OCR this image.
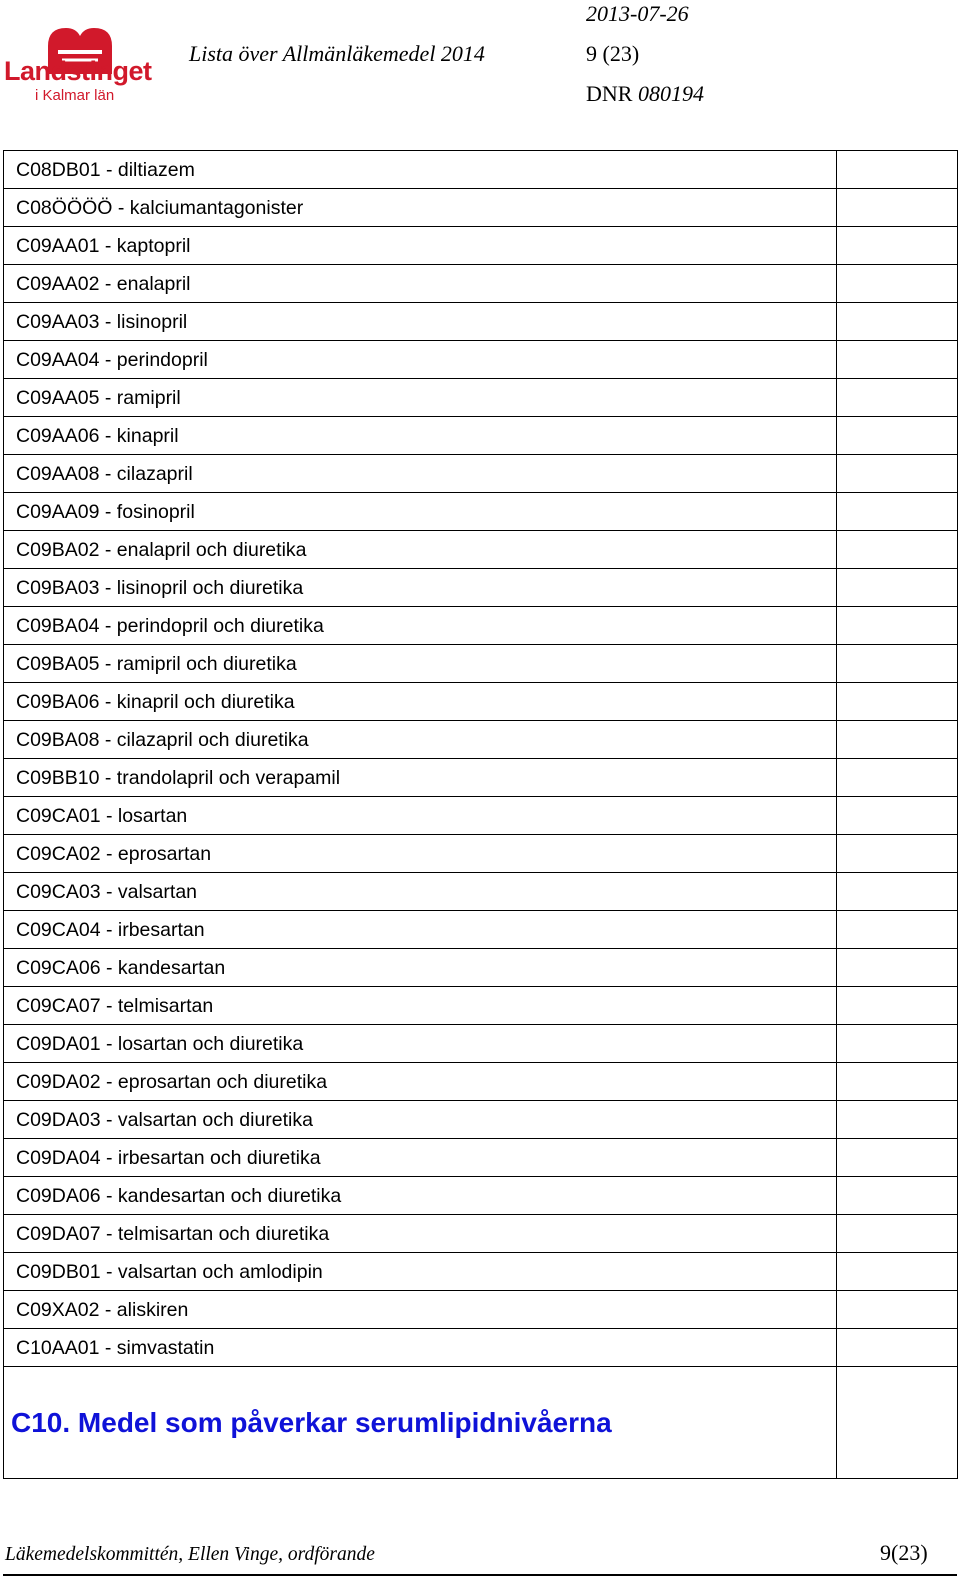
Landstinget
i Kalmar län
2013-07-26
Lista över Allmänläkemedel 2014	9 (23)
DNR 080194
C08DB01 - diltiazem
C08ÖÖÖÖ - kalciumantagonister
C09AA01 - kaptopril
C09AA02 - enalapril
C09AA03 - lisinopril
C09AA04 - perindopril
C09AA05 - ramipril
C09AA06 - kinapril
C09AA08 - cilazapril
C09AA09 - fosinopril
C09BA02 - enalapril och diuretika
C09BA03 - lisinopril och diuretika
C09BA04 - perindopril och diuretika
C09BA05 - ramipril och diuretika
C09BA06 - kinapril och diuretika
C09BA08 - cilazapril och diuretika
C09BB10 - trandolapril och verapamil
C09CA01 - losartan
C09CA02 - eprosartan
C09CA03 - valsartan
C09CA04 - irbesartan
C09CA06 - kandesartan
C09CA07 - telmisartan
C09DA01 - losartan och diuretika
C09DA02 - eprosartan och diuretika
C09DA03 - valsartan och diuretika
C09DA04 - irbesartan och diuretika
C09DA06 - kandesartan och diuretika
C09DA07 - telmisartan och diuretika
C09DB01 - valsartan och amlodipin
C09XA02 - aliskiren
C10AA01 - simvastatin
C10. Medel som påverkar serumlipidnivåerna
Läkemedelskommittén, Ellen Vinge, ordförande	9(23)
